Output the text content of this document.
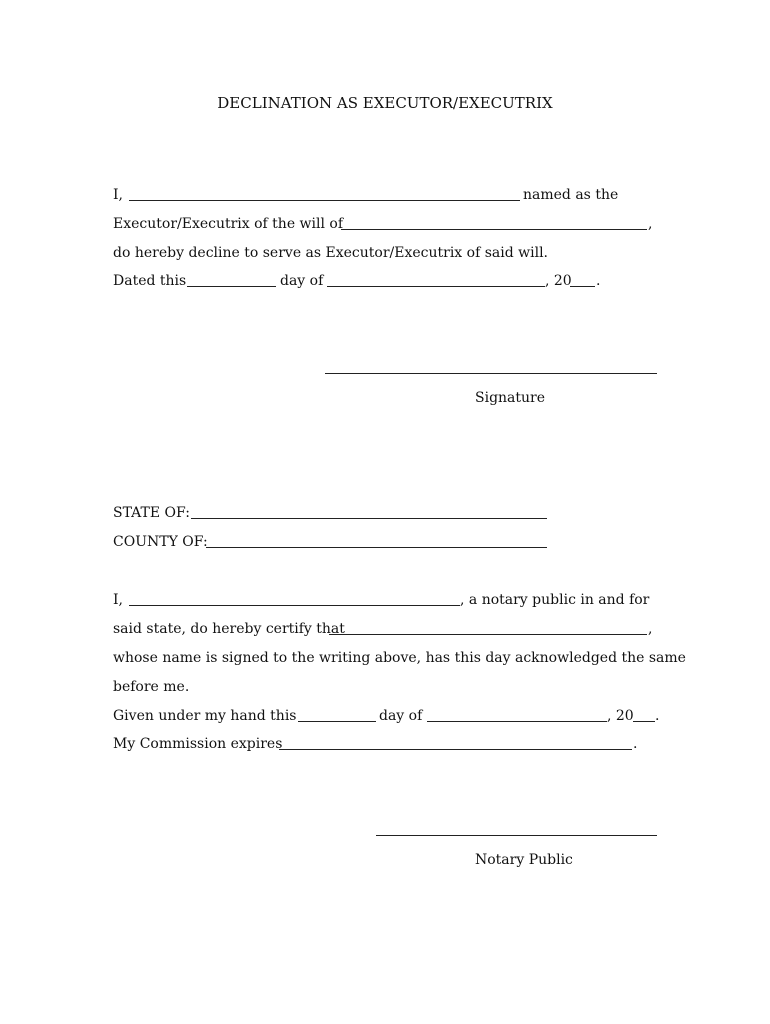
DECLINATION AS EXECUTOR/EXECUTRIX
I,	named as the
Executor/Executrix of the will of	,
do hereby decline to serve as Executor/Executrix of said will.
Dated this	day of	, 20 .
Signature
STATE OF:
COUNTY OF:
I,	, a notary public in and for
said state, do hereby certify that	,
whose name is signed to the writing above, has this day acknowledged the same
before me.
Given under my hand this	day of	, 20 .
My Commission expires	.
Notary Public
